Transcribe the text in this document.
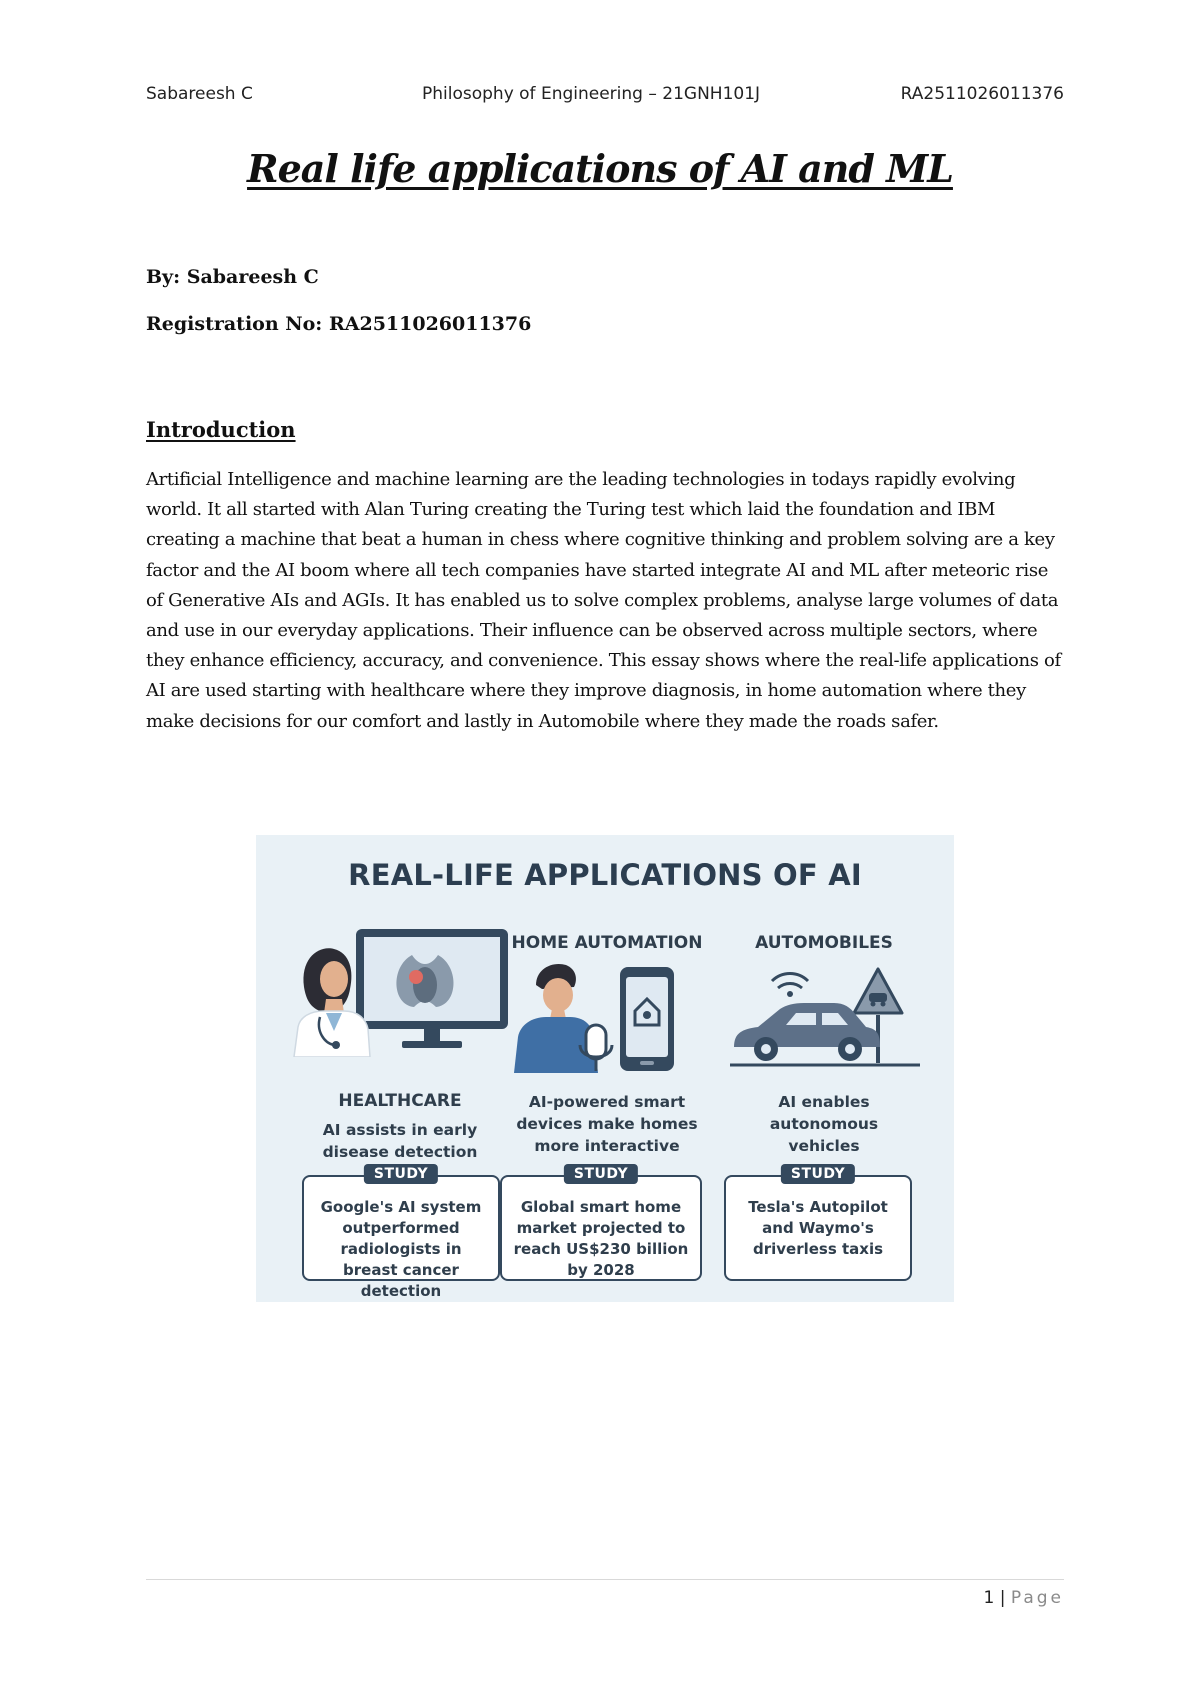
Sabareesh C	Philosophy of Engineering – 21GNH101J	RA2511026011376
Real life applications of AI and ML

By: Sabareesh C

Registration No: RA2511026011376

Introduction

Artificial Intelligence and machine learning are the leading technologies in todays rapidly evolving world. It all started with Alan Turing creating the Turing test which laid the foundation and IBM creating a machine that beat a human in chess where cognitive thinking and problem solving are a key factor and the AI boom where all tech companies have started integrate AI and ML after meteoric rise of Generative AIs and AGIs. It has enabled us to solve complex problems, analyse large volumes of data and use in our everyday applications. Their influence can be observed across multiple sectors, where they enhance efficiency, accuracy, and convenience. This essay shows where the real-life applications of AI are used starting with healthcare where they improve diagnosis, in home automation where they make decisions for our comfort and lastly in Automobile where they made the roads safer.

REAL-LIFE APPLICATIONS OF AI
HEALTHCARE
AI assists in early
disease detection
STUDY
Google's AI system
outperformed
radiologists in
breast cancer detection
HOME AUTOMATION
AI-powered smart
devices make homes
more interactive
STUDY
Global smart home
market projected to
reach US$230 billion
by 2028
AUTOMOBILES
AI enables
autonomous
vehicles
STUDY
Tesla's Autopilot
and Waymo's
driverless taxis
1 | Page
